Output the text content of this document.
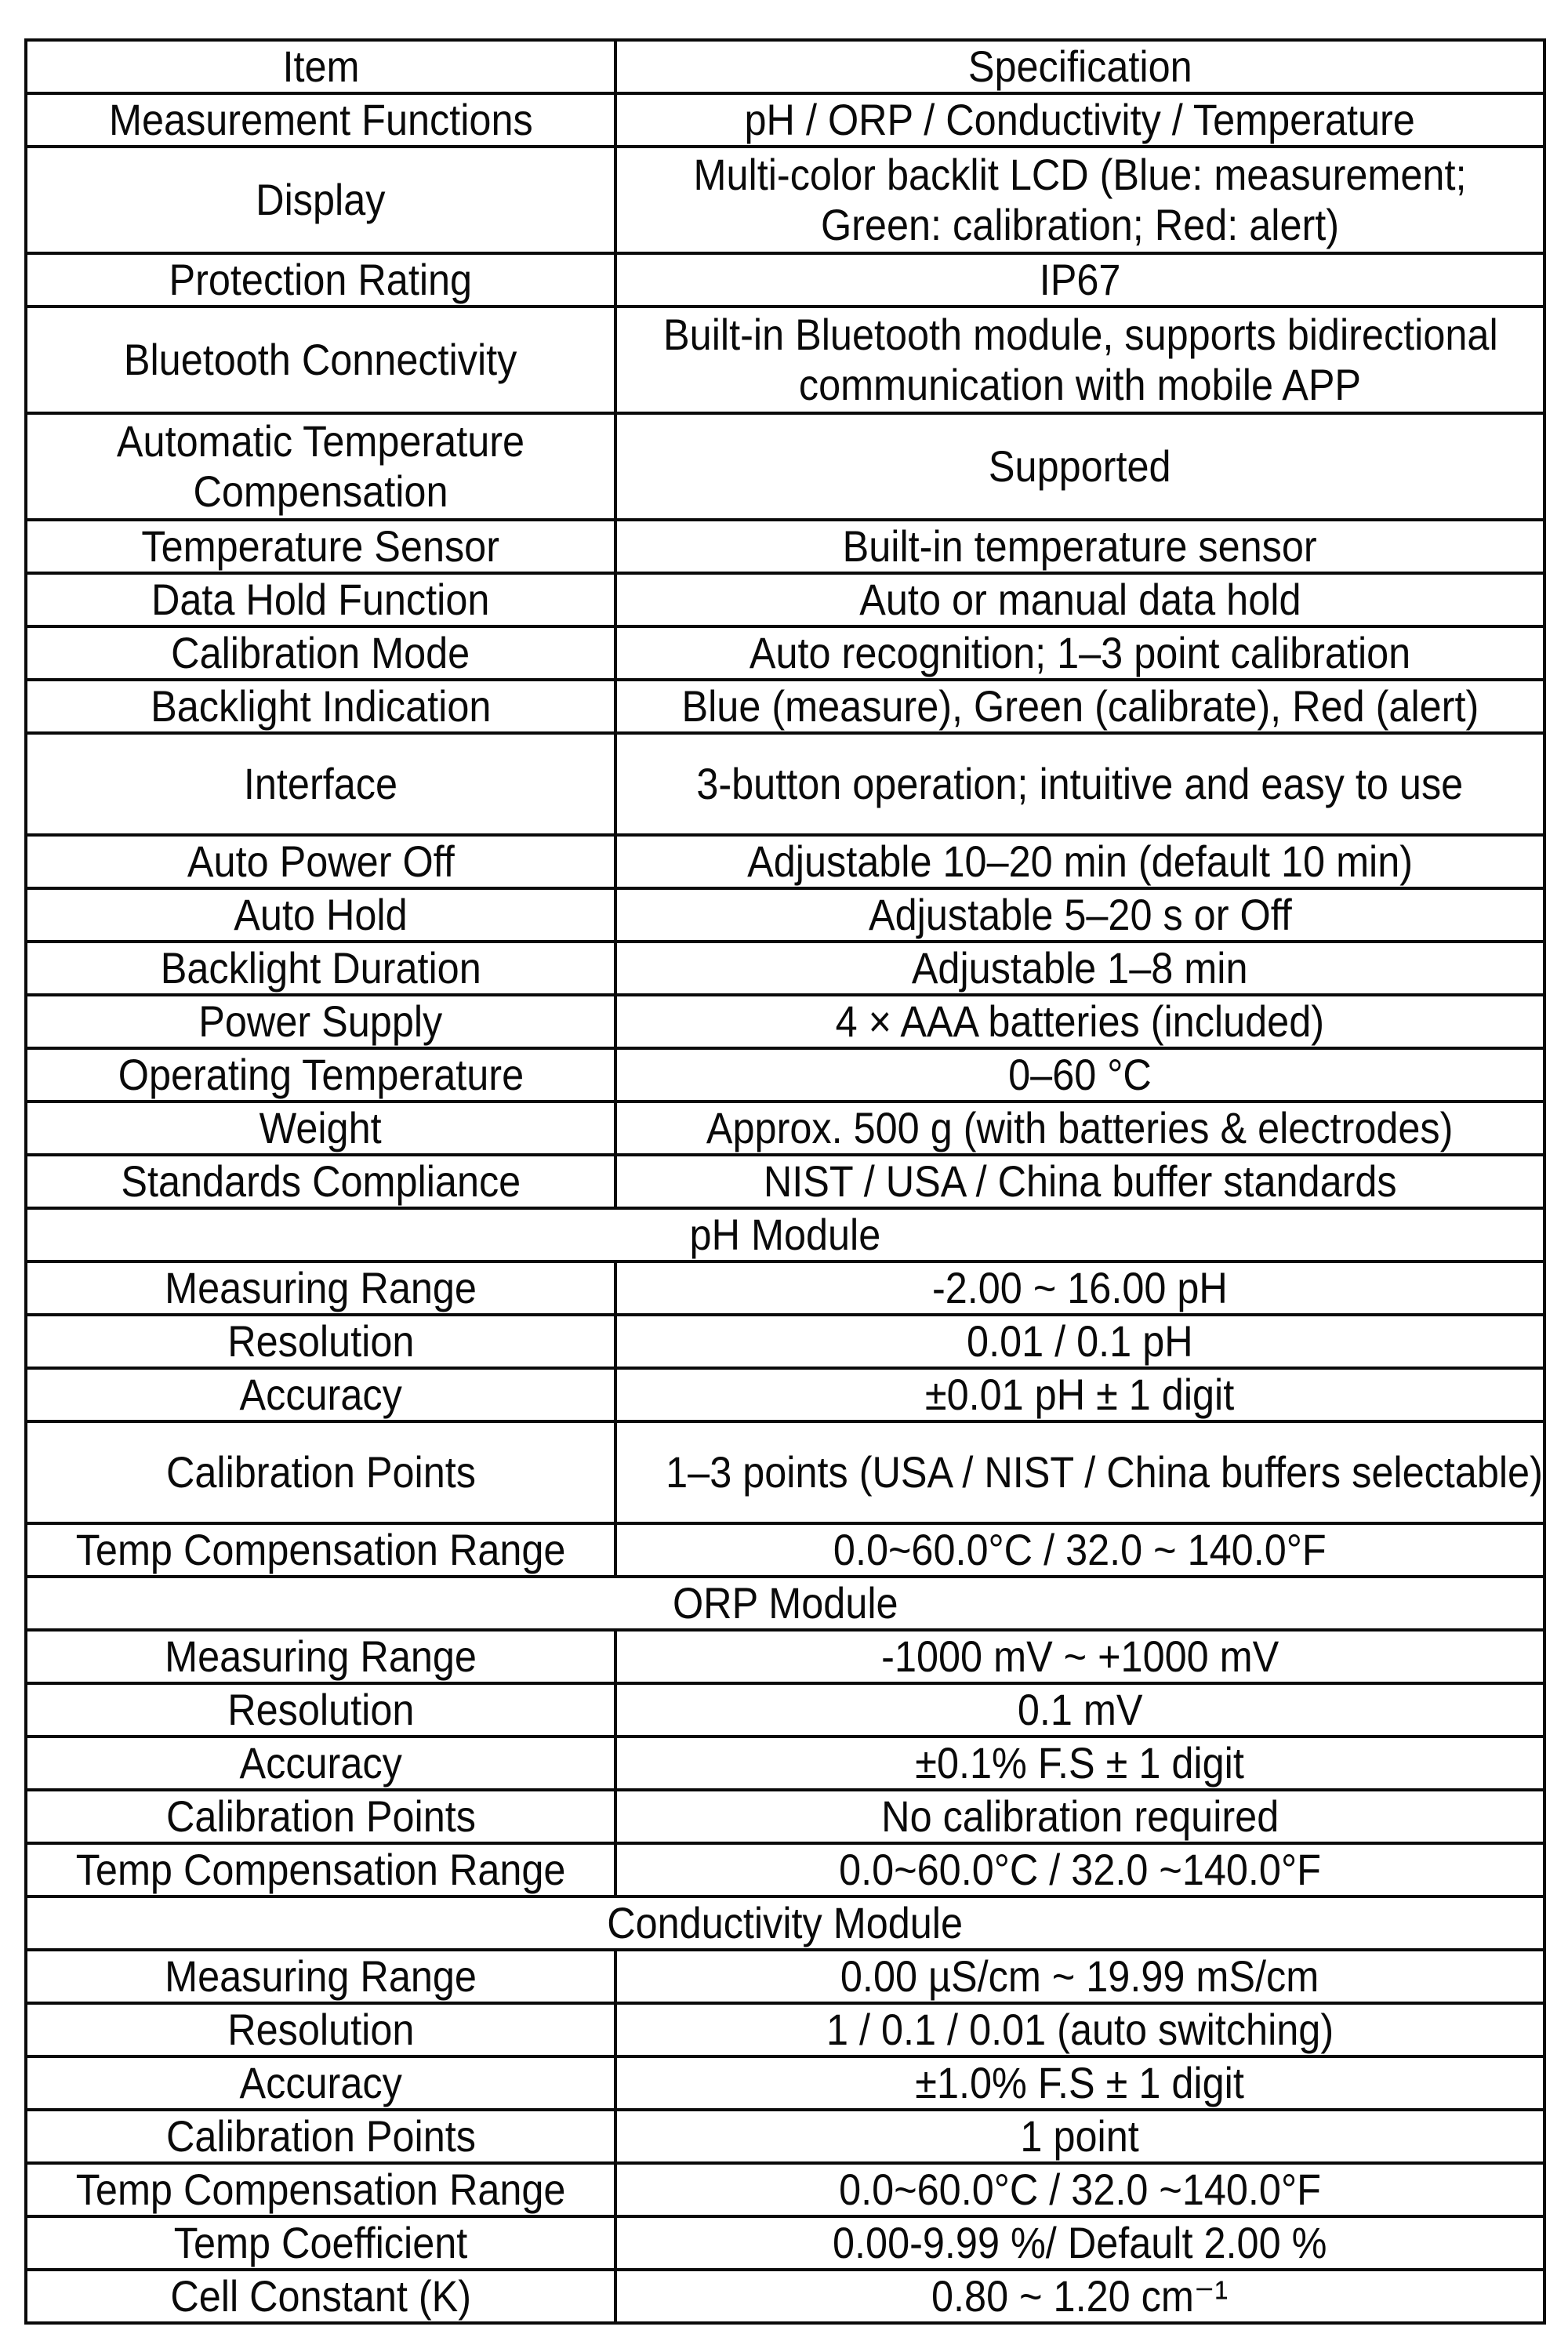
Item	Specification
Measurement Functions	pH / ORP / Conductivity / Temperature
Display	Multi-color backlit LCD (Blue: measurement;
Green: calibration; Red: alert)

Protection Rating	IP67
Bluetooth Connectivity	Built-in Bluetooth module, supports bidirectional
communication with mobile APP

Automatic Temperature
Compensation	Supported
Temperature Sensor	Built-in temperature sensor
Data Hold Function	Auto or manual data hold
Calibration Mode	Auto recognition; 1–3 point calibration
Backlight Indication	Blue (measure), Green (calibrate), Red (alert)
Interface	3-button operation; intuitive and easy to use
Auto Power Off	Adjustable 10–20 min (default 10 min)
Auto Hold	Adjustable 5–20 s or Off
Backlight Duration	Adjustable 1–8 min
Power Supply	4 × AAA batteries (included)
Operating Temperature	0–60 °C
Weight	Approx. 500 g (with batteries & electrodes)
Standards Compliance	NIST / USA / China buffer standards
pH Module	
Measuring Range	-2.00 ~ 16.00 pH
Resolution	0.01 / 0.1 pH
Accuracy	±0.01 pH ± 1 digit
Calibration Points	1–3 points (USA / NIST / China buffers selectable)
Temp Compensation Range	0.0~60.0°C / 32.0 ~ 140.0°F
ORP Module	
Measuring Range	-1000 mV ~ +1000 mV
Resolution	0.1 mV
Accuracy	±0.1% F.S ± 1 digit
Calibration Points	No calibration required
Temp Compensation Range	0.0~60.0°C / 32.0 ~140.0°F
Conductivity Module	
Measuring Range	0.00 µS/cm ~ 19.99 mS/cm
Resolution	1 / 0.1 / 0.01 (auto switching)
Accuracy	±1.0% F.S ± 1 digit
Calibration Points	1 point
Temp Compensation Range	0.0~60.0°C / 32.0 ~140.0°F
Temp Coefficient	0.00-9.99 %/ Default 2.00 %
Cell Constant (K)	0.80 ~ 1.20 cm⁻¹
